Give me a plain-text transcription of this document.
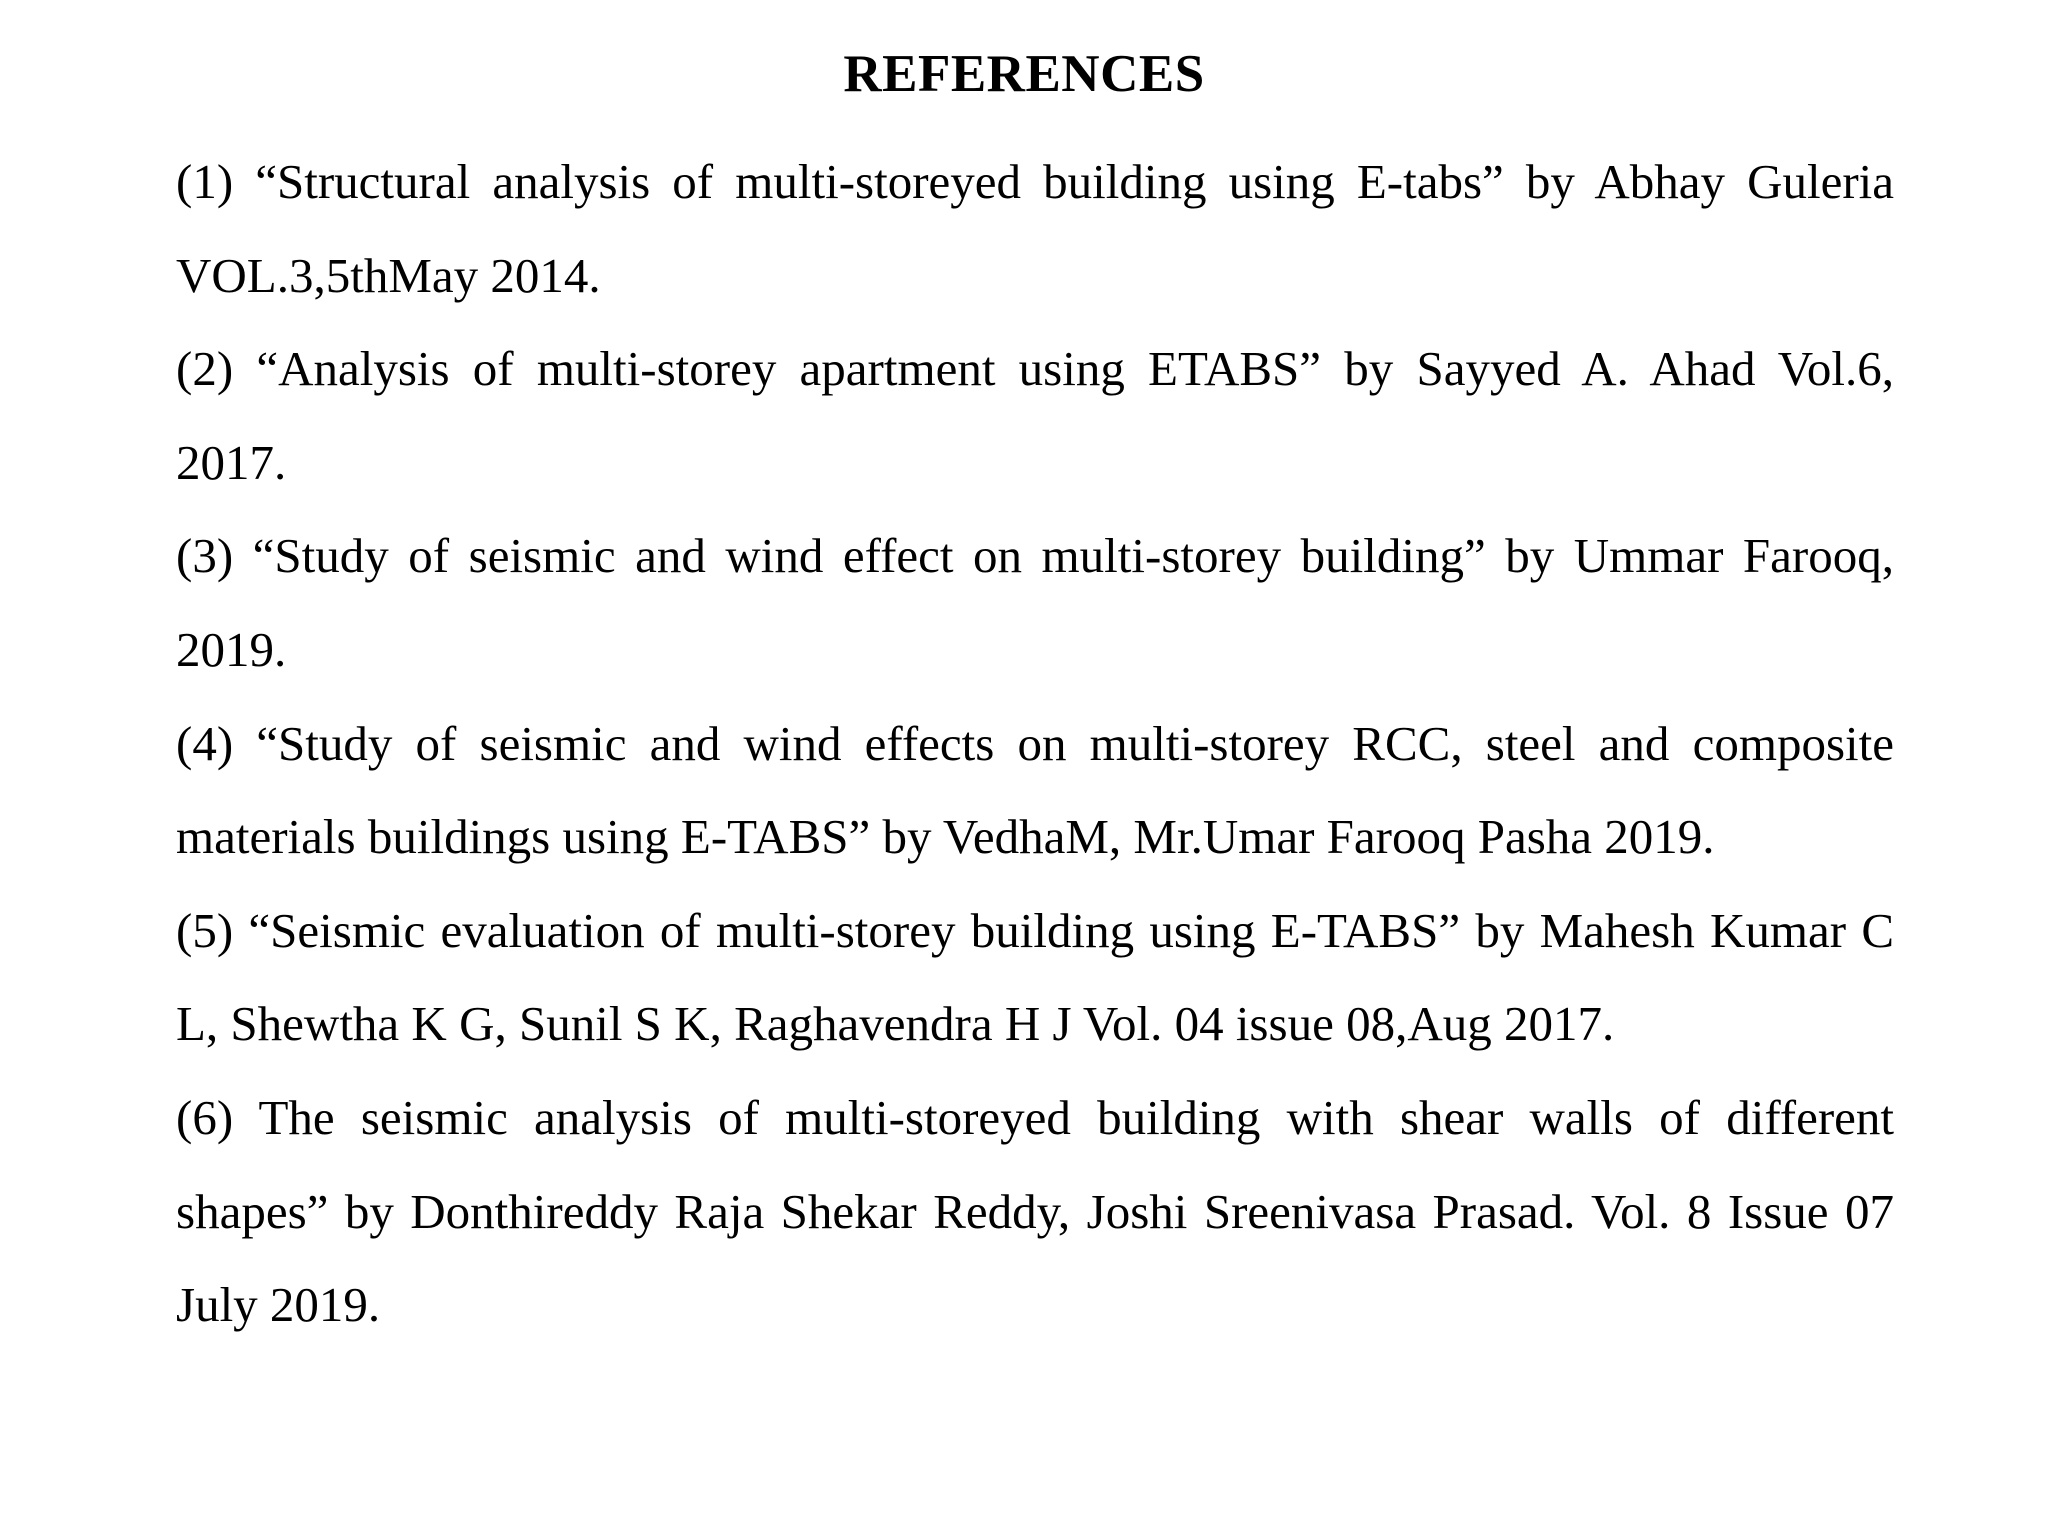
REFERENCES

(1) “Structural analysis of multi-storeyed building using E-tabs” by Abhay Guleria VOL.3,5thMay 2014.

(2) “Analysis of multi-storey apartment using ETABS” by Sayyed A. Ahad Vol.6, 2017.

(3) “Study of seismic and wind effect on multi-storey building” by Ummar Farooq, 2019.

(4) “Study of seismic and wind effects on multi-storey RCC, steel and composite materials buildings using E-TABS” by VedhaM, Mr.Umar Farooq Pasha 2019.

(5) “Seismic evaluation of multi-storey building using E-TABS” by Mahesh Kumar C L, Shewtha K G, Sunil S K, Raghavendra H J Vol. 04 issue 08,Aug 2017.

(6) The seismic analysis of multi-storeyed building with shear walls of different shapes” by Donthireddy Raja Shekar Reddy, Joshi Sreenivasa Prasad. Vol. 8 Issue 07 July 2019.
